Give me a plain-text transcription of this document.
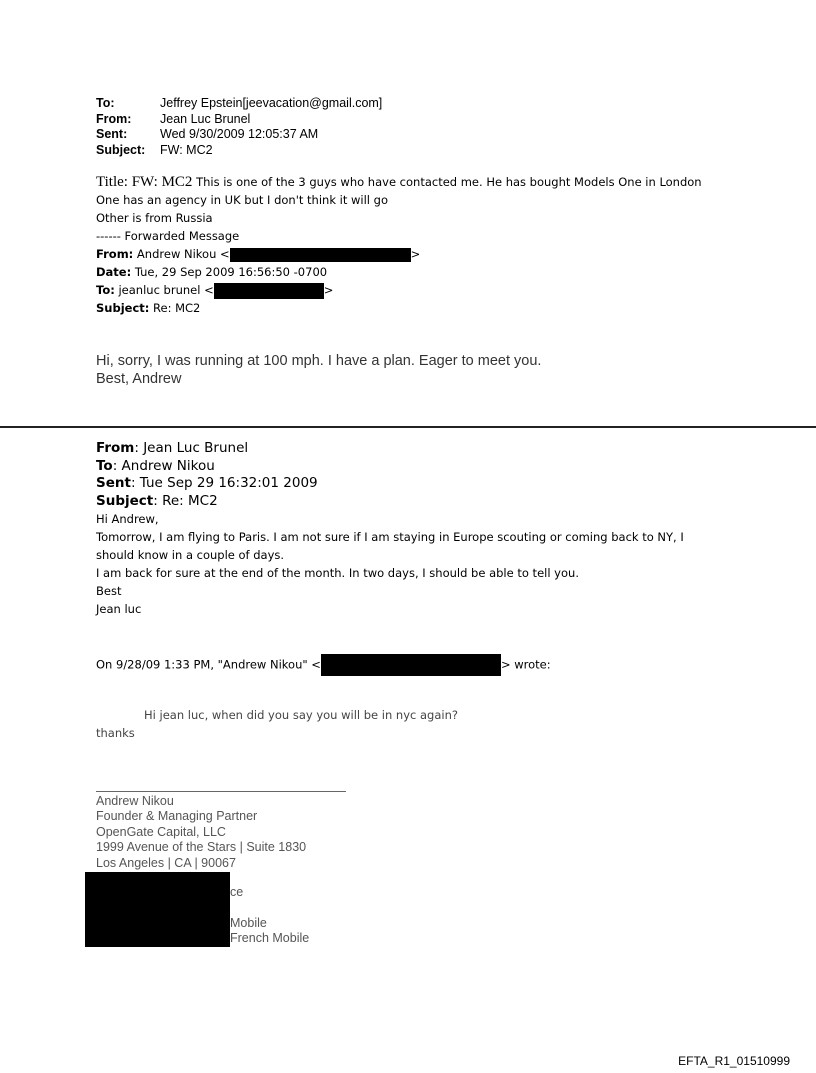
To:	Jeffrey Epstein[jeevacation@gmail.com]
From:	Jean Luc Brunel
Sent:	Wed 9/30/2009 12:05:37 AM
Subject:	FW: MC2
Title: FW: MC2 This is one of the 3 guys who have contacted me. He has bought Models One in London
One has an agency in UK but I don't think it will go
Other is from Russia
------ Forwarded Message
From: Andrew Nikou <	>
Date: Tue, 29 Sep 2009 16:56:50 -0700
To: jeanluc brunel <	>
Subject: Re: MC2
Hi, sorry, I was running at 100 mph. I have a plan. Eager to meet you.
Best, Andrew
From: Jean Luc Brunel
To: Andrew Nikou
Sent: Tue Sep 29 16:32:01 2009
Subject: Re: MC2
Hi Andrew,
Tomorrow, I am flying to Paris. I am not sure if I am staying in Europe scouting or coming back to NY, I should know in a couple of days.
I am back for sure at the end of the month. In two days, I should be able to tell you.
Best
Jean luc
On 9/28/09 1:33 PM, "Andrew Nikou" <	> wrote:
Hi jean luc, when did you say you will be in nyc again?
thanks
Andrew Nikou
Founder & Managing Partner
OpenGate Capital, LLC
1999 Avenue of the Stars | Suite 1830
Los Angeles | CA | 90067
ce
Mobile
French Mobile
EFTA_R1_01510999
